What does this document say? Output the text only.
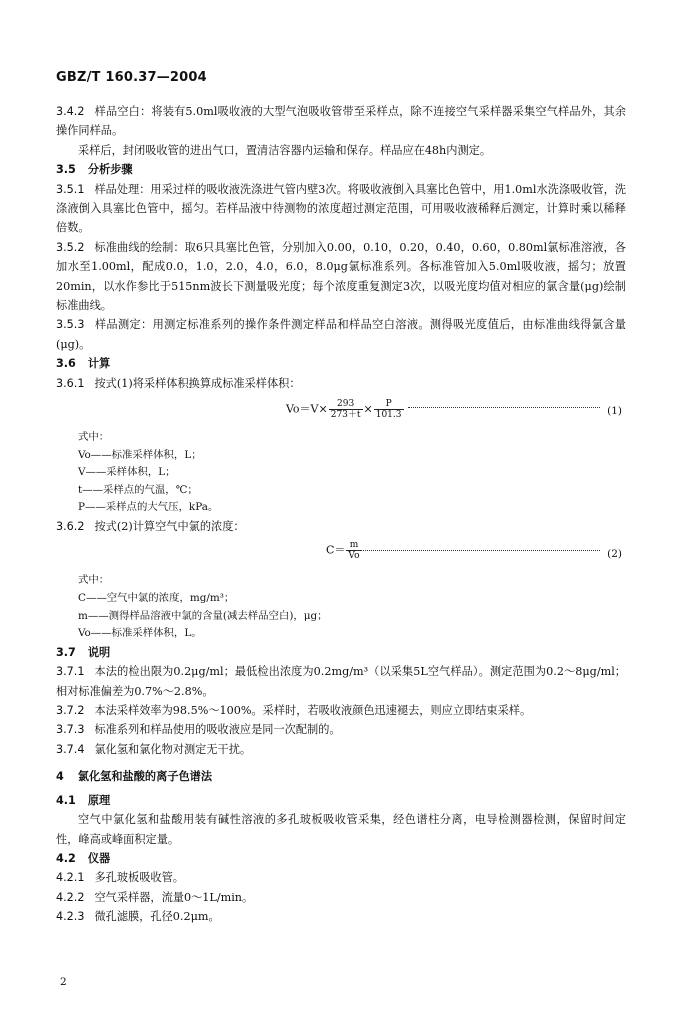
GBZ/T 160.37—2004

3.4.2 样品空白：将装有5.0ml吸收液的大型气泡吸收管带至采样点，除不连接空气采样器采集空气样品外，其余操作同样品。

采样后，封闭吸收管的进出气口，置清洁容器内运输和保存。样品应在48h内测定。

3.5 分析步骤

3.5.1 样品处理：用采过样的吸收液洗涤进气管内壁3次。将吸收液倒入具塞比色管中，用1.0ml水洗涤吸收管，洗涤液倒入具塞比色管中，摇匀。若样品液中待测物的浓度超过测定范围，可用吸收液稀释后测定，计算时乘以稀释倍数。

3.5.2 标准曲线的绘制：取6只具塞比色管，分别加入0.00，0.10，0.20，0.40，0.60，0.80ml氯标准溶液，各加水至1.00ml，配成0.0，1.0，2.0，4.0，6.0，8.0μg氯标准系列。各标准管加入5.0ml吸收液，摇匀；放置20min，以水作参比于515nm波长下测量吸光度；每个浓度重复测定3次，以吸光度均值对相应的氯含量(μg)绘制标准曲线。

3.5.3 样品测定：用测定标准系列的操作条件测定样品和样品空白溶液。测得吸光度值后，由标准曲线得氯含量(μg)。

3.6 计算

3.6.1 按式(1)将采样体积换算成标准采样体积：

$Vo=V\times \frac{293}{273+t} \times \frac{P}{101.3}$	(1)

式中：

Vo——标准采样体积，L；

V——采样体积，L；

t——采样点的气温，℃；

P——采样点的大气压，kPa。

3.6.2 按式(2)计算空气中氯的浓度：

$C= \frac{m}{Vo}$	(2)

式中：

C——空气中氯的浓度，mg/m³；

m——测得样品溶液中氯的含量(减去样品空白)，μg；

Vo——标准采样体积，L。

3.7 说明

3.7.1 本法的检出限为0.2μg/ml；最低检出浓度为0.2mg/m³（以采集5L空气样品）。测定范围为0.2～8μg/ml；相对标准偏差为0.7%～2.8%。

3.7.2 本法采样效率为98.5%～100%。采样时，若吸收液颜色迅速褪去，则应立即结束采样。

3.7.3 标准系列和样品使用的吸收液应是同一次配制的。

3.7.4 氯化氢和氯化物对测定无干扰。

4 氯化氢和盐酸的离子色谱法

4.1 原理

空气中氯化氢和盐酸用装有碱性溶液的多孔玻板吸收管采集，经色谱柱分离，电导检测器检测，保留时间定性，峰高或峰面积定量。

4.2 仪器

4.2.1 多孔玻板吸收管。

4.2.2 空气采样器，流量0～1L/min。

4.2.3 微孔滤膜，孔径0.2μm。

2
